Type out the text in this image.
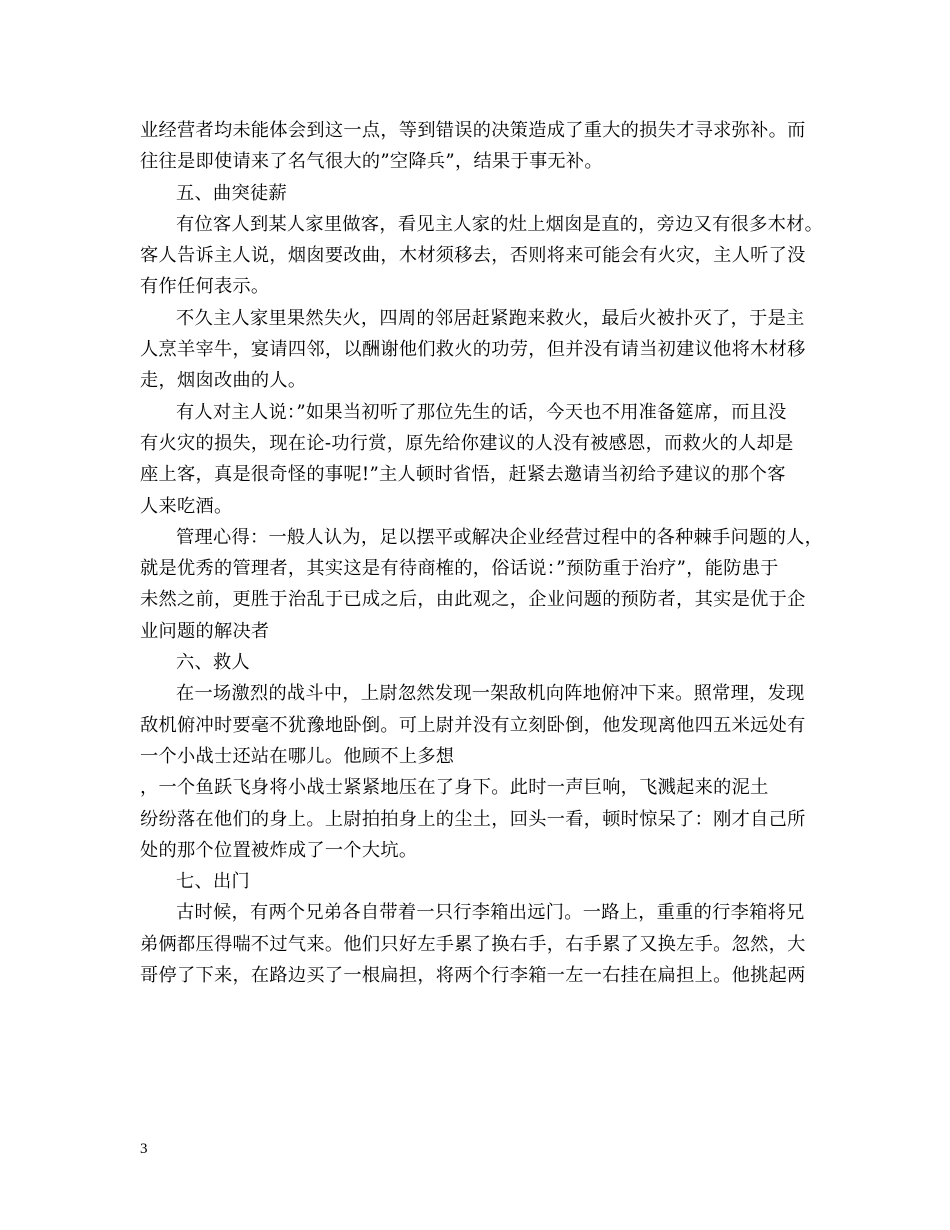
业经营者均未能体会到这一点，等到错误的决策造成了重大的损失才寻求弥补。而
往往是即使请来了名气很大的”空降兵”，结果于事无补。
五、曲突徒薪
有位客人到某人家里做客，看见主人家的灶上烟囱是直的，旁边又有很多木材。
客人告诉主人说，烟囱要改曲，木材须移去，否则将来可能会有火灾，主人听了没
有作任何表示。
不久主人家里果然失火，四周的邻居赶紧跑来救火，最后火被扑灭了，于是主
人烹羊宰牛，宴请四邻，以酬谢他们救火的功劳，但并没有请当初建议他将木材移
走，烟囱改曲的人。
有人对主人说：”如果当初听了那位先生的话，今天也不用准备筵席，而且没
有火灾的损失，现在论-功行赏，原先给你建议的人没有被感恩，而救火的人却是
座上客，真是很奇怪的事呢!”主人顿时省悟，赶紧去邀请当初给予建议的那个客
人来吃酒。
管理心得：一般人认为，足以摆平或解决企业经营过程中的各种棘手问题的人，
就是优秀的管理者，其实这是有待商榷的，俗话说：”预防重于治疗”，能防患于
未然之前，更胜于治乱于已成之后，由此观之，企业问题的预防者，其实是优于企
业问题的解决者
六、救人
在一场激烈的战斗中，上尉忽然发现一架敌机向阵地俯冲下来。照常理，发现
敌机俯冲时要毫不犹豫地卧倒。可上尉并没有立刻卧倒，他发现离他四五米远处有
一个小战士还站在哪儿。他顾不上多想
，一个鱼跃飞身将小战士紧紧地压在了身下。此时一声巨响，飞溅起来的泥土
纷纷落在他们的身上。上尉拍拍身上的尘土，回头一看，顿时惊呆了：刚才自己所
处的那个位置被炸成了一个大坑。
七、出门
古时候，有两个兄弟各自带着一只行李箱出远门。一路上，重重的行李箱将兄
弟俩都压得喘不过气来。他们只好左手累了换右手，右手累了又换左手。忽然，大
哥停了下来，在路边买了一根扁担，将两个行李箱一左一右挂在扁担上。他挑起两
3
